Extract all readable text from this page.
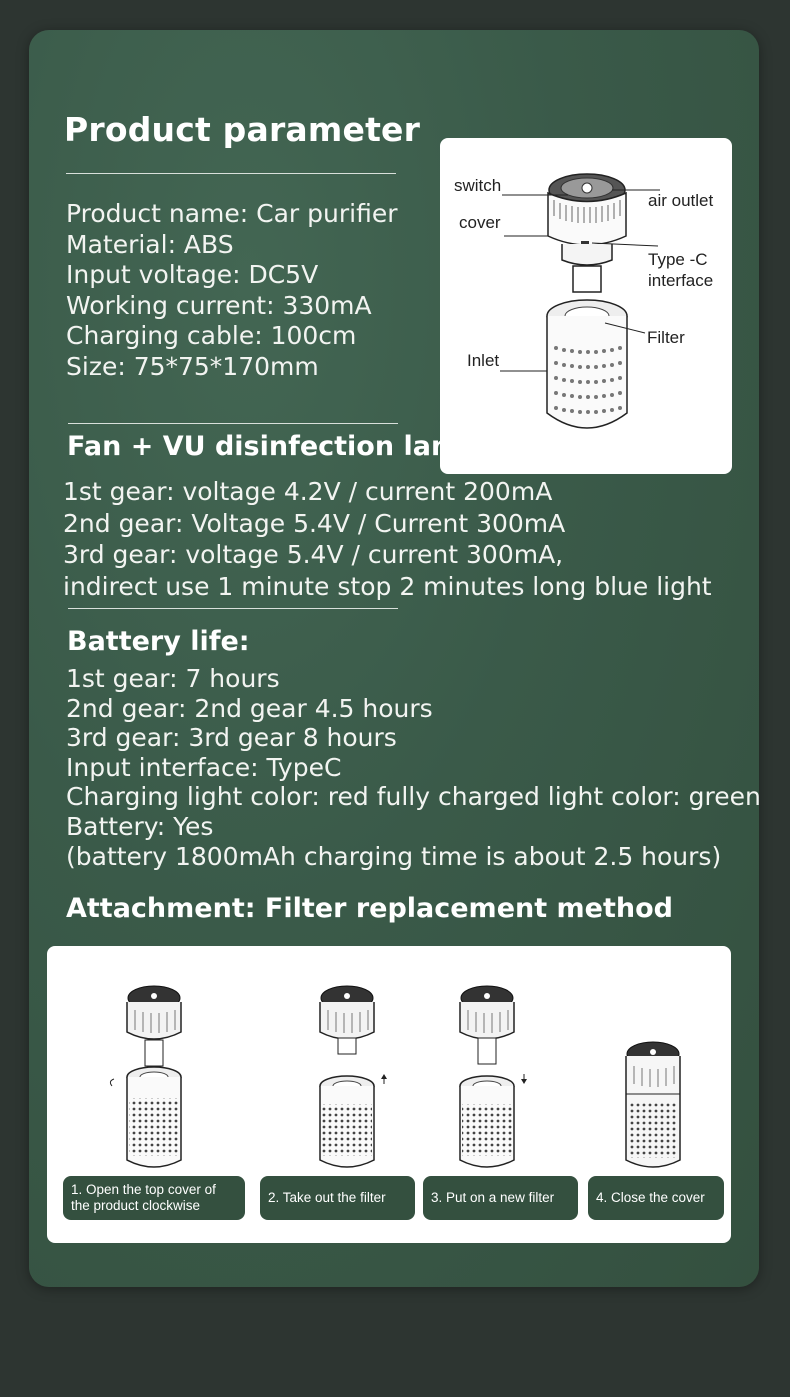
Product parameter
Product name: Car purifier
Material: ABS
Input voltage: DC5V
Working current: 330mA
Charging cable: 100cm
Size: 75*75*170mm
switch
cover
air outlet
Type -C
interface
Filter
Inlet
Fan + VU disinfection lamp:
1st gear: voltage 4.2V / current 200mA
2nd gear: Voltage 5.4V / Current 300mA
3rd gear: voltage 5.4V / current 300mA,
indirect use 1 minute stop 2 minutes long blue light
Battery life:
1st gear: 7 hours
2nd gear: 2nd gear 4.5 hours
3rd gear: 3rd gear 8 hours
Input interface: TypeC
Charging light color: red fully charged light color: green
Battery: Yes
(battery 1800mAh charging time is about 2.5 hours)
Attachment: Filter replacement method
1. Open the top cover of
the product clockwise
2. Take out the filter	3. Put on a new filter	4. Close the cover
